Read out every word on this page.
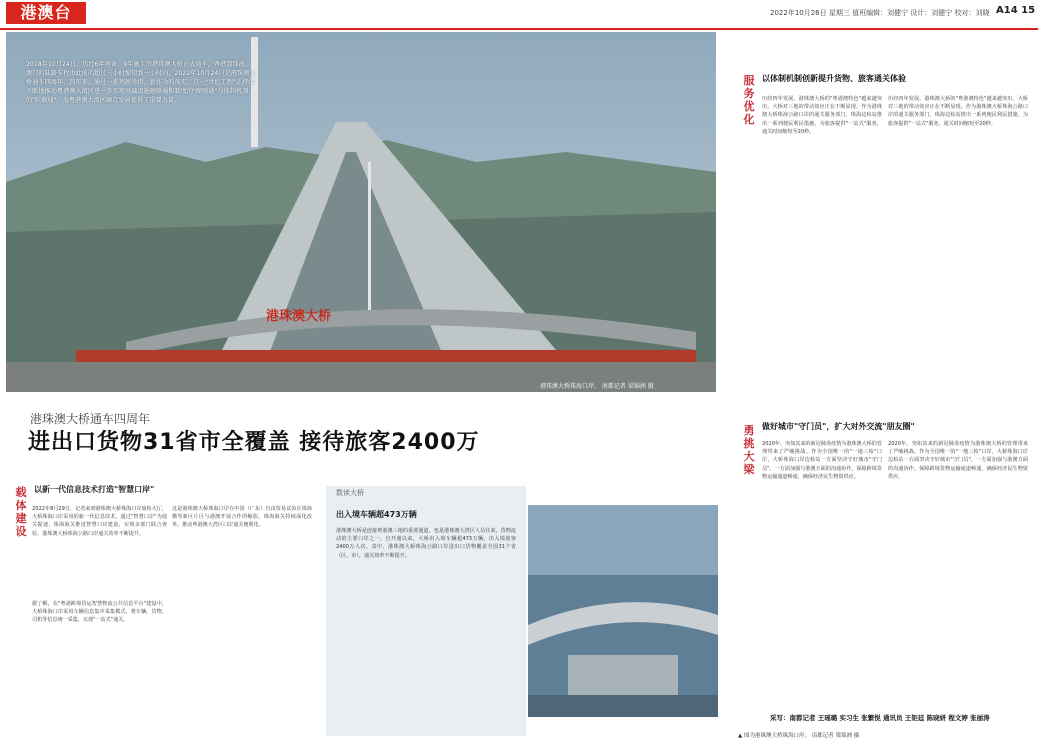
港澳台	2022年10月26日 星期三 值班编辑：刘健宁 设计：刘健宁 校对：刘晓 A14 15
港珠澳大桥
2018年10月24日，历经6年筹备、9年施工的港珠澳大桥正式通车，香港到珠海、澳门的陆路车程由此前的超过三小时缩短到一小时内。2022年10月24日是港珠澳大桥通车四周年，四年来，通过一系列新举措、新作为的落实，这一"世纪工程"正持续不断地推动粤港澳大湾区进一步实现基础设施硬联通和制度的"硬联通"与体制机制的"软联通"，为粤港澳大湾区融合发展提供了重要力量。
港珠澳大桥珠海口岸。 南都记者 梁锦洲 摄
服务优化
以体制机制创新提升货物、旅客通关体验
历经四年发展，港珠澳大桥的"粤港澳特色"越来越突出，大桥对三地的带动效应正在不断显现。作为港珠澳大桥珠海公路口岸的通关服务部门，珠海边检站推出一系列便民利民措施，为旅客提供"一站式"服务，通关时间缩短至20秒。
历经四年发展，港珠澳大桥的"粤港澳特色"越来越突出，大桥对三地的带动效应正在不断显现。作为港珠澳大桥珠海公路口岸的通关服务部门，珠海边检站推出一系列便民利民措施，为旅客提供"一站式"服务，通关时间缩短至20秒。
勇挑大梁
做好城市"守门员"，扩大对外交流"朋友圈"
2020年，突如其来的新冠肺炎疫情为港珠澳大桥的管理带来了严峻挑战。作为全国唯一的"一地三检"口岸，大桥珠海口岸边检站一方面坚决守好城市"守门员"，一方面加强与港澳方面的沟通协作，保障跨境货物运输通道畅通，确保经济民生物资供应。
2020年，突如其来的新冠肺炎疫情为港珠澳大桥的管理带来了严峻挑战。作为全国唯一的"一地三检"口岸，大桥珠海口岸边检站一方面坚决守好城市"守门员"，一方面加强与港澳方面的沟通协作，保障跨境货物运输通道畅通，确保经济民生物资供应。
采写：南都记者 王瑶璐 实习生 张繁悦 通讯员 王钜廷 陈晓妍 程文婷 张丽涛
▲ 图为港珠澳大桥珠海口岸。 南都记者 梁锦洲 摄
港珠澳大桥通车四周年
进出口货物31省市全覆盖 接待旅客2400万
载体建设
以新一代信息技术打造"智慧口岸"
2022年8月29日，记者来到港珠澳大桥珠海口岸旅检大厅，大桥珠海口岸采用的新一代信息技术，通过"智慧口岸"为通关提速。珠海海关推进智慧口岸建设，实现多部门联合查验，港珠澳大桥珠海公路口岸通关效率不断提升。
这是港珠澳大桥珠海口岸在中国（广东）自由贸易试验区珠海横琴新区片区与港澳开展合作的缩影。珠海海关持续深化改革，推动粤港澳大湾区口岸通关便利化。
据了解，在"粤港跨境货运智慧物流公共信息平台"建设中，大桥珠海口岸采用车辆信息集中采集模式，将车辆、货物、司机等信息统一采集，实现"一站式"通关。
数读大桥
出入境车辆超473万辆
港珠澳大桥是连接粤港澳三地的重要通道，也是港珠澳大湾区人员往来、货物流动的主要口岸之一。自开通以来，大桥出入境车辆超473万辆，出入境旅客2400万人次。其中，港珠澳大桥珠海公路口岸进出口货物覆盖全国31个省（区、市），通关效率不断提升。
